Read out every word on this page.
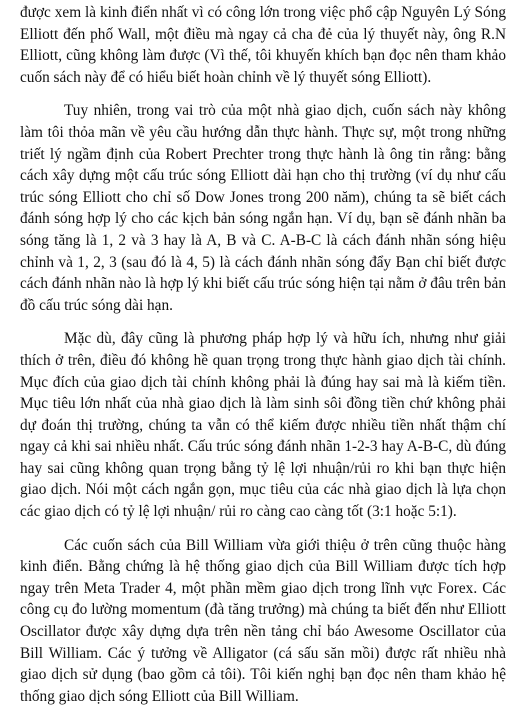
được xem là kinh điển nhất vì có công lớn trong việc phổ cập Nguyên Lý Sóng Elliott đến phố Wall, một điều mà ngay cả cha đẻ của lý thuyết này, ông R.N Elliott, cũng không làm được (Vì thế, tôi khuyến khích bạn đọc nên tham khảo cuốn sách này để có hiểu biết hoàn chỉnh về lý thuyết sóng Elliott).

Tuy nhiên, trong vai trò của một nhà giao dịch, cuốn sách này không làm tôi thỏa mãn về yêu cầu hướng dẫn thực hành. Thực sự, một trong những triết lý ngầm định của Robert Prechter trong thực hành là ông tin rằng: bằng cách xây dựng một cấu trúc sóng Elliott dài hạn cho thị trường (ví dụ như cấu trúc sóng Elliott cho chỉ số Dow Jones trong 200 năm), chúng ta sẽ biết cách đánh sóng hợp lý cho các kịch bản sóng ngắn hạn. Ví dụ, bạn sẽ đánh nhãn ba sóng tăng là 1, 2 và 3 hay là A, B và C. A-B-C là cách đánh nhãn sóng hiệu chỉnh và 1, 2, 3 (sau đó là 4, 5) là cách đánh nhãn sóng đẩy Bạn chỉ biết được cách đánh nhãn nào là hợp lý khi biết cấu trúc sóng hiện tại nằm ở đâu trên bản đồ cấu trúc sóng dài hạn.

Mặc dù, đây cũng là phương pháp hợp lý và hữu ích, nhưng như giải thích ở trên, điều đó không hề quan trọng trong thực hành giao dịch tài chính. Mục đích của giao dịch tài chính không phải là đúng hay sai mà là kiếm tiền. Mục tiêu lớn nhất của nhà giao dịch là làm sinh sôi đồng tiền chứ không phải dự đoán thị trường, chúng ta vẫn có thể kiếm được nhiều tiền nhất thậm chí ngay cả khi sai nhiều nhất. Cấu trúc sóng đánh nhãn 1-2-3 hay A-B-C, dù đúng hay sai cũng không quan trọng bằng tỷ lệ lợi nhuận/rủi ro khi bạn thực hiện giao dịch. Nói một cách ngắn gọn, mục tiêu của các nhà giao dịch là lựa chọn các giao dịch có tỷ lệ lợi nhuận/ rủi ro càng cao càng tốt (3:1 hoặc 5:1).

Các cuốn sách của Bill William vừa giới thiệu ở trên cũng thuộc hàng kinh điển. Bằng chứng là hệ thống giao dịch của Bill William được tích hợp ngay trên Meta Trader 4, một phần mềm giao dịch trong lĩnh vực Forex. Các công cụ đo lường momentum (đà tăng trưởng) mà chúng ta biết đến như Elliott Oscillator được xây dựng dựa trên nền tảng chỉ báo Awesome Oscillator của Bill William. Các ý tưởng về Alligator (cá sấu săn mồi) được rất nhiều nhà giao dịch sử dụng (bao gồm cả tôi). Tôi kiến nghị bạn đọc nên tham khảo hệ thống giao dịch sóng Elliott của Bill William.
